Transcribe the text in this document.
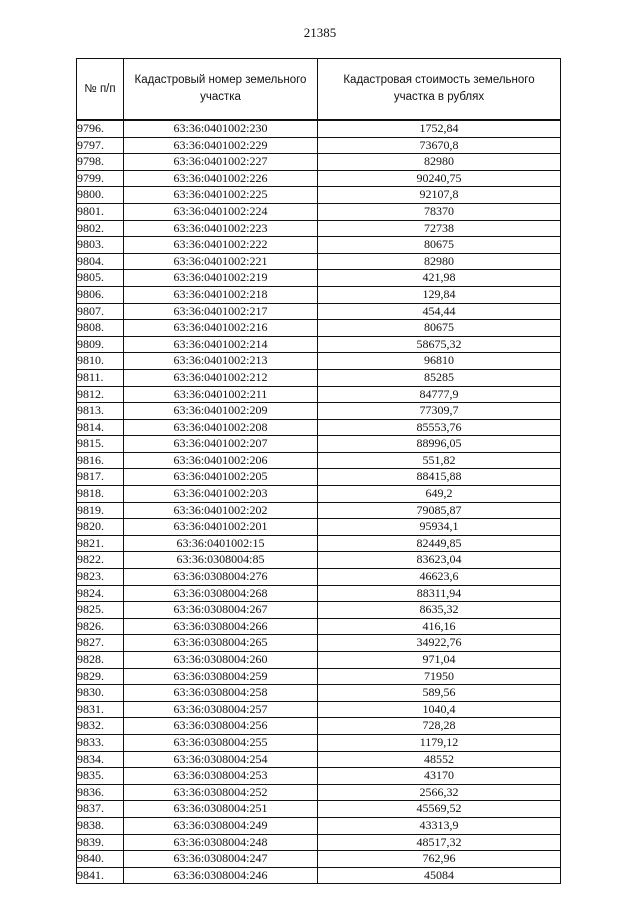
21385
№ п/п	Кадастровый номер земельного участка	Кадастровая стоимость земельного участка в рублях
9796.	63:36:0401002:230	1752,84
9797.	63:36:0401002:229	73670,8
9798.	63:36:0401002:227	82980
9799.	63:36:0401002:226	90240,75
9800.	63:36:0401002:225	92107,8
9801.	63:36:0401002:224	78370
9802.	63:36:0401002:223	72738
9803.	63:36:0401002:222	80675
9804.	63:36:0401002:221	82980
9805.	63:36:0401002:219	421,98
9806.	63:36:0401002:218	129,84
9807.	63:36:0401002:217	454,44
9808.	63:36:0401002:216	80675
9809.	63:36:0401002:214	58675,32
9810.	63:36:0401002:213	96810
9811.	63:36:0401002:212	85285
9812.	63:36:0401002:211	84777,9
9813.	63:36:0401002:209	77309,7
9814.	63:36:0401002:208	85553,76
9815.	63:36:0401002:207	88996,05
9816.	63:36:0401002:206	551,82
9817.	63:36:0401002:205	88415,88
9818.	63:36:0401002:203	649,2
9819.	63:36:0401002:202	79085,87
9820.	63:36:0401002:201	95934,1
9821.	63:36:0401002:15	82449,85
9822.	63:36:0308004:85	83623,04
9823.	63:36:0308004:276	46623,6
9824.	63:36:0308004:268	88311,94
9825.	63:36:0308004:267	8635,32
9826.	63:36:0308004:266	416,16
9827.	63:36:0308004:265	34922,76
9828.	63:36:0308004:260	971,04
9829.	63:36:0308004:259	71950
9830.	63:36:0308004:258	589,56
9831.	63:36:0308004:257	1040,4
9832.	63:36:0308004:256	728,28
9833.	63:36:0308004:255	1179,12
9834.	63:36:0308004:254	48552
9835.	63:36:0308004:253	43170
9836.	63:36:0308004:252	2566,32
9837.	63:36:0308004:251	45569,52
9838.	63:36:0308004:249	43313,9
9839.	63:36:0308004:248	48517,32
9840.	63:36:0308004:247	762,96
9841.	63:36:0308004:246	45084
